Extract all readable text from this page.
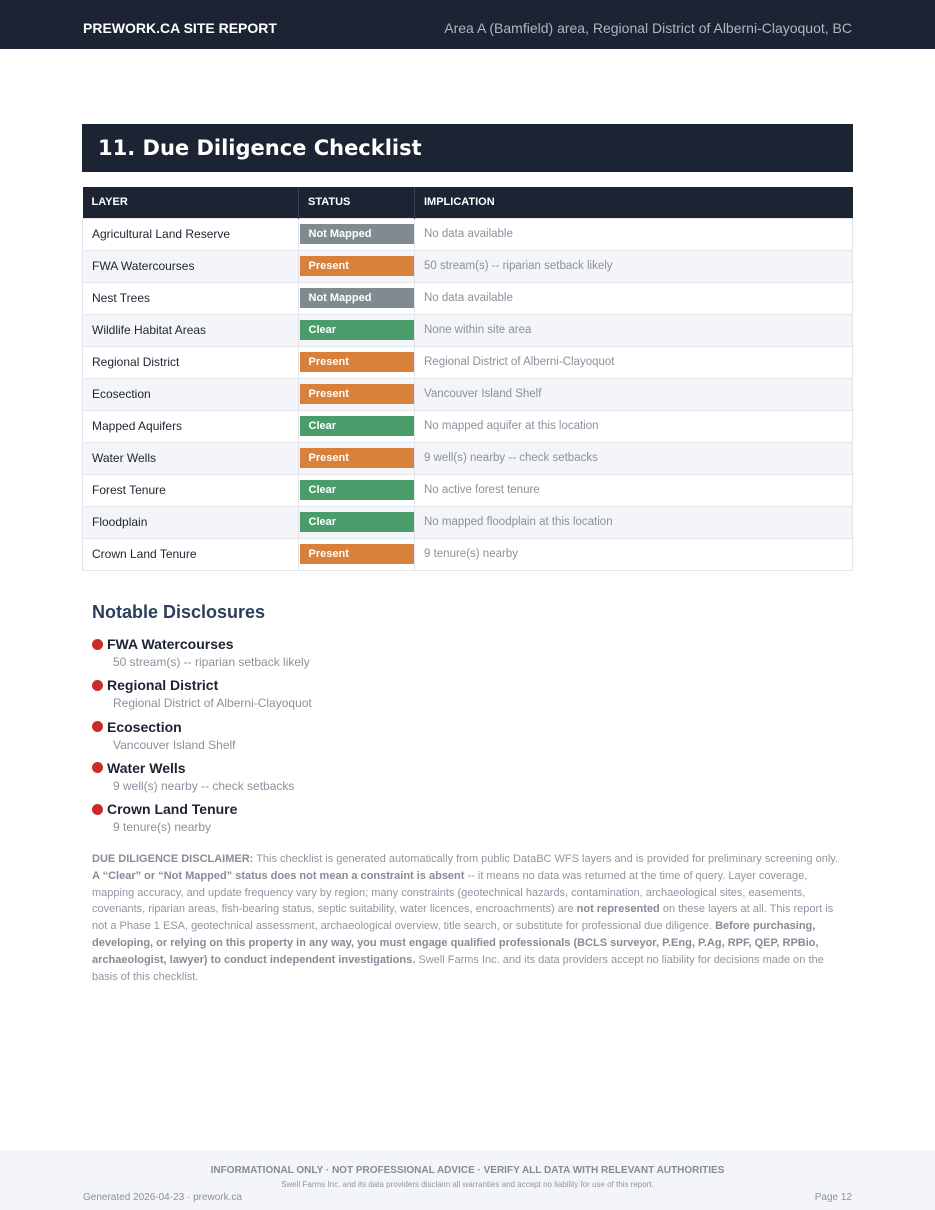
PREWORK.CA SITE REPORT	Area A (Bamfield) area, Regional District of Alberni-Clayoquot, BC
11. Due Diligence Checklist
LAYER	STATUS	IMPLICATION
Agricultural Land Reserve	Not Mapped	No data available
FWA Watercourses	Present	50 stream(s) -- riparian setback likely
Nest Trees	Not Mapped	No data available
Wildlife Habitat Areas	Clear	None within site area
Regional District	Present	Regional District of Alberni-Clayoquot
Ecosection	Present	Vancouver Island Shelf
Mapped Aquifers	Clear	No mapped aquifer at this location
Water Wells	Present	9 well(s) nearby -- check setbacks
Forest Tenure	Clear	No active forest tenure
Floodplain	Clear	No mapped floodplain at this location
Crown Land Tenure	Present	9 tenure(s) nearby
Notable Disclosures
FWA Watercourses
50 stream(s) -- riparian setback likely
Regional District
Regional District of Alberni-Clayoquot
Ecosection
Vancouver Island Shelf
Water Wells
9 well(s) nearby -- check setbacks
Crown Land Tenure
9 tenure(s) nearby
DUE DILIGENCE DISCLAIMER: This checklist is generated automatically from public DataBC WFS layers and is provided for preliminary screening only. A “Clear” or “Not Mapped” status does not mean a constraint is absent -- it means no data was returned at the time of query. Layer coverage, mapping accuracy, and update frequency vary by region; many constraints (geotechnical hazards, contamination, archaeological sites, easements, covenants, riparian areas, fish-bearing status, septic suitability, water licences, encroachments) are not represented on these layers at all. This report is not a Phase 1 ESA, geotechnical assessment, archaeological overview, title search, or substitute for professional due diligence. Before purchasing, developing, or relying on this property in any way, you must engage qualified professionals (BCLS surveyor, P.Eng, P.Ag, RPF, QEP, RPBio, archaeologist, lawyer) to conduct independent investigations. Swell Farms Inc. and its data providers accept no liability for decisions made on the basis of this checklist.
INFORMATIONAL ONLY · NOT PROFESSIONAL ADVICE · VERIFY ALL DATA WITH RELEVANT AUTHORITIES
Swell Farms Inc. and its data providers disclaim all warranties and accept no liability for use of this report.
Generated 2026-04-23 · prework.ca	Page 12
